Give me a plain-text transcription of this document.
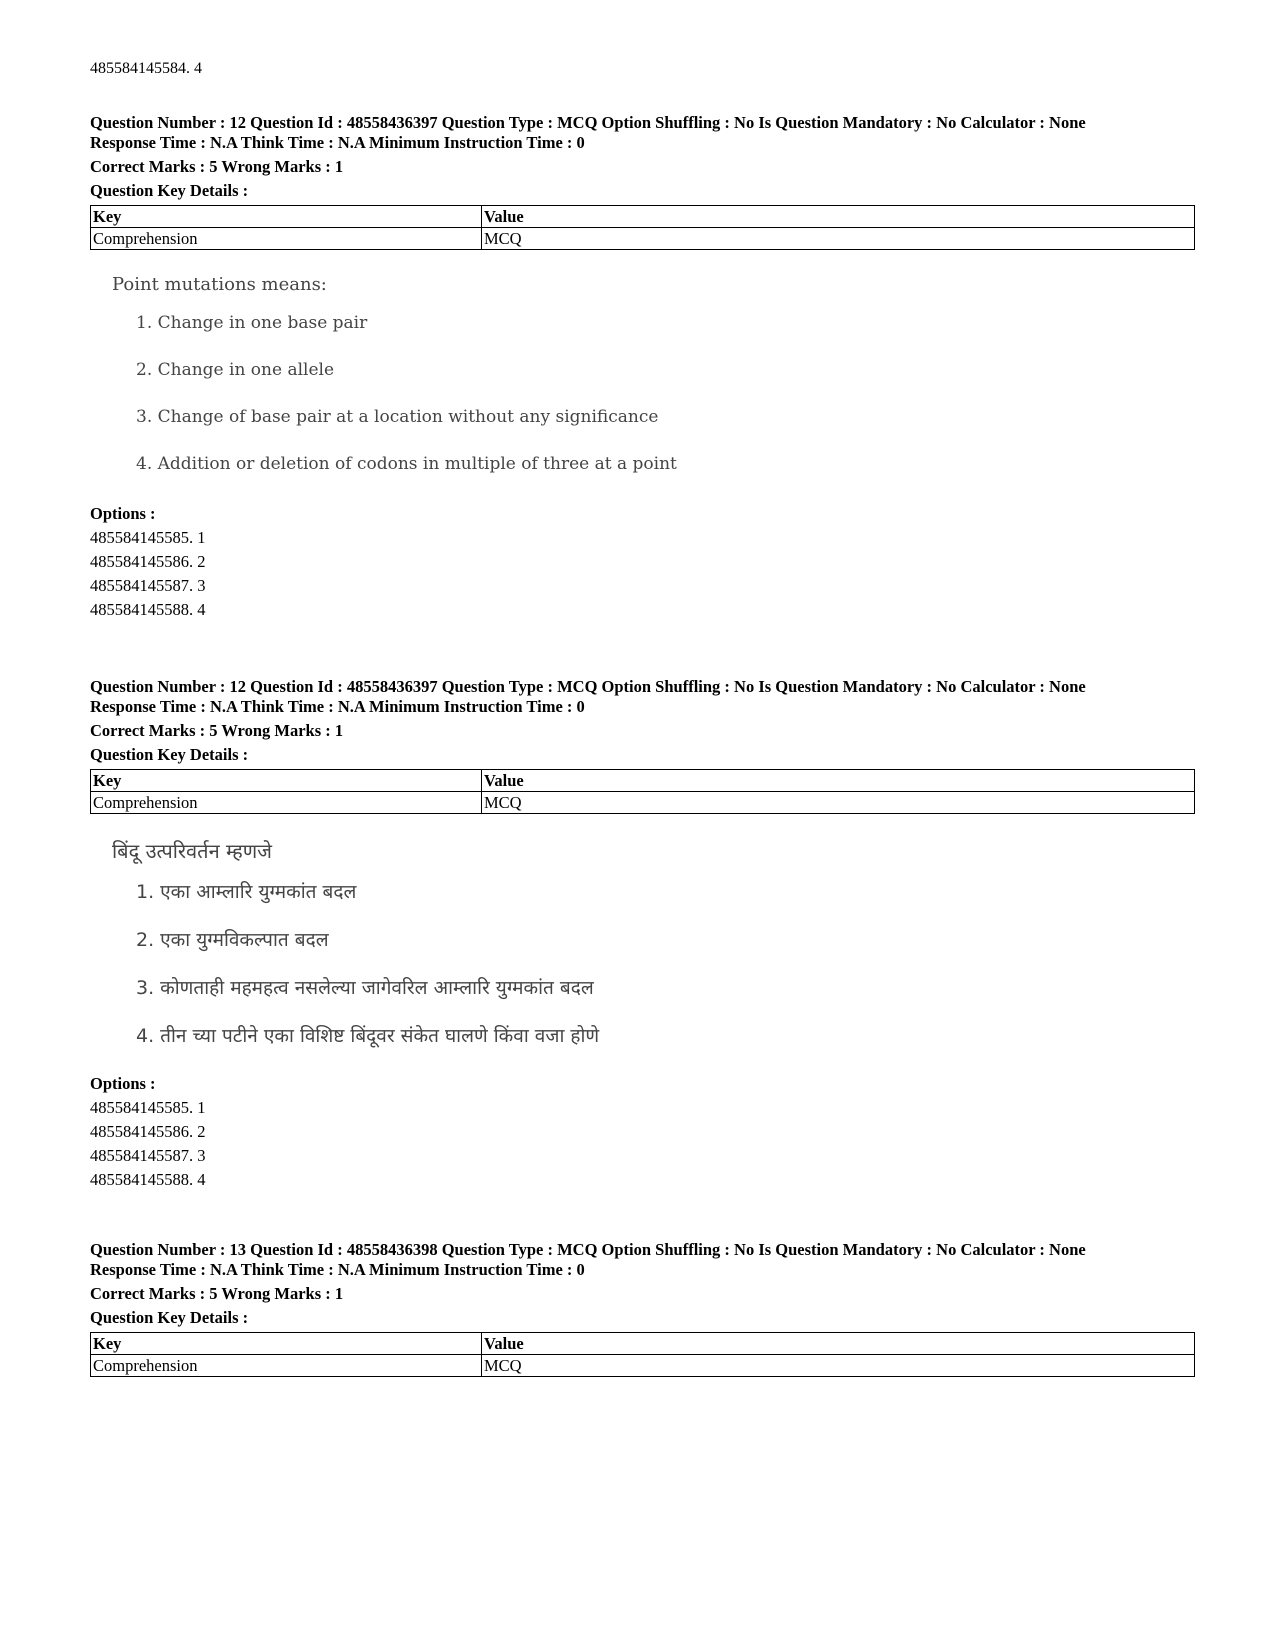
485584145584. 4
Question Number : 12 Question Id : 48558436397 Question Type : MCQ Option Shuffling : No Is Question Mandatory : No Calculator : None
Response Time : N.A Think Time : N.A Minimum Instruction Time : 0
Correct Marks : 5 Wrong Marks : 1
Question Key Details :
Key	Value
Comprehension	MCQ
Point mutations means:
1. Change in one base pair
2. Change in one allele
3. Change of base pair at a location without any significance
4. Addition or deletion of codons in multiple of three at a point
Options :
485584145585. 1
485584145586. 2
485584145587. 3
485584145588. 4
Question Number : 12 Question Id : 48558436397 Question Type : MCQ Option Shuffling : No Is Question Mandatory : No Calculator : None
Response Time : N.A Think Time : N.A Minimum Instruction Time : 0
Correct Marks : 5 Wrong Marks : 1
Question Key Details :
Key	Value
Comprehension	MCQ
बिंदू उत्परिवर्तन म्हणजे
1. एका आम्लारि युग्मकांत बदल
2. एका युग्मविकल्पात बदल
3. कोणताही महमहत्व नसलेल्या जागेवरिल आम्लारि युग्मकांत बदल
4. तीन च्या पटीने एका विशिष्ट बिंदूवर संकेत घालणे किंवा वजा होणे
Options :
485584145585. 1
485584145586. 2
485584145587. 3
485584145588. 4
Question Number : 13 Question Id : 48558436398 Question Type : MCQ Option Shuffling : No Is Question Mandatory : No Calculator : None
Response Time : N.A Think Time : N.A Minimum Instruction Time : 0
Correct Marks : 5 Wrong Marks : 1
Question Key Details :
Key	Value
Comprehension	MCQ
